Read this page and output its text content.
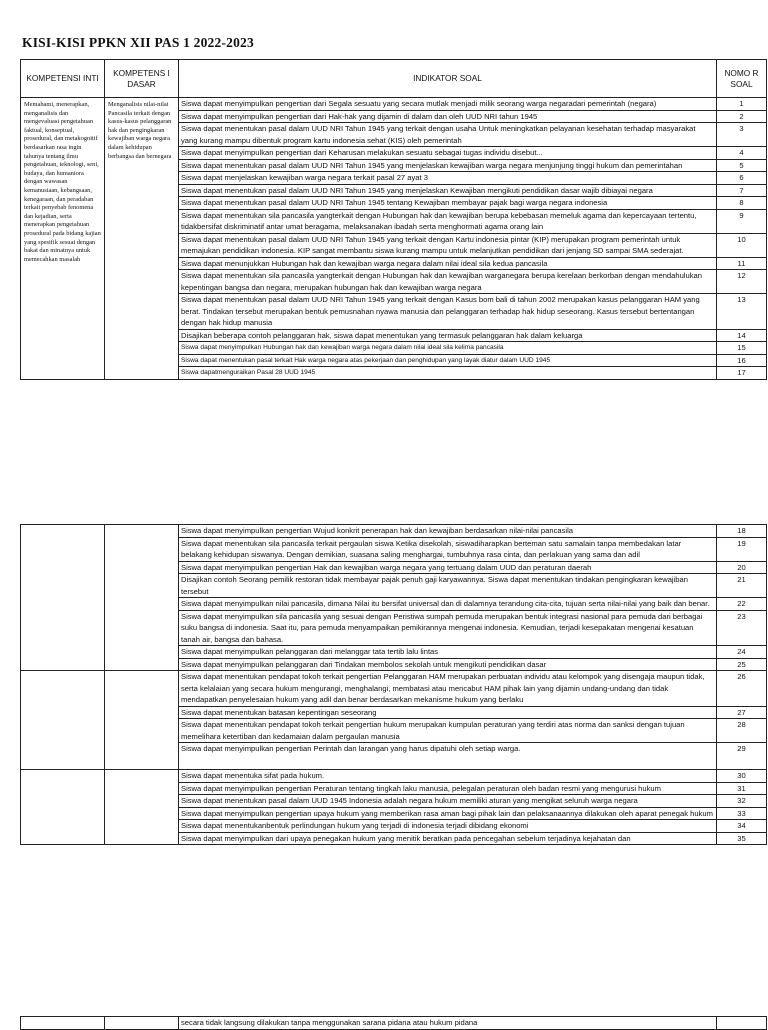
KISI-KISI PPKN XII PAS 1 2022-2023
KOMPETENSI INTI	KOMPETENS I DASAR	INDIKATOR SOAL	NOMO R SOAL
Memahami, menerapkan, menganalisis dan mengevaluasi pengetahuan faktual, konseptual, prosedural, dan metakognitif berdasarkan rasa ingin tahunya tentang ilmu pengetahuan, teknologi, seni, budaya, dan humaniora dengan wawasan kemanusiaan, kebangsaan, kenegaraan, dan peradaban terkait penyebab fenomena dan kejadian, serta menerapkan pengetahuan prosedural pada bidang kajian yang spesifik sesuai dengan bakat dan minatnya untuk memecahkan masalah	Menganalisis nilai-nilai Pancasila terkait dengan kasus-kasus pelanggaran hak dan pengingkaran kewajiban warga negara dalam kehidupan berbangsa dan bernegara	Siswa dapat menyimpulkan pengertian dari Segala sesuatu yang secara mutlak menjadi milik seorang warga negaradari pemerintah (negara)	1
		Siswa dapat menyimpulkan pengertian dari Hak-hak yang dijamin di dalam dan oleh UUD NRI tahun 1945	2
		Siswa dapat menentukan pasal dalam UUD NRI Tahun 1945 yang terkait dengan usaha Untuk meningkatkan pelayanan kesehatan terhadap masyarakat yang kurang mampu dibentuk program kartu indonesia sehat (KIS) oleh pemerintah	3
		Siswa dapat menyimpulkan pengertian dari Keharusan melakukan sesuatu sebagai tugas individu disebut...	4
		Siswa dapat menentukan pasal dalam UUD NRI Tahun 1945 yang menjelaskan kewajiban warga negara menjunjung tinggi hukum dan pemerintahan	5
		Siswa dapat menjelaskan kewajiban warga negara terkait pasal 27 ayat 3	6
		Siswa dapat menentukan pasal dalam UUD NRI Tahun 1945 yang menjelaskan Kewajiban mengikuti pendidikan dasar wajib dibiayai negara	7
		Siswa dapat menentukan pasal dalam UUD NRI Tahun 1945 tentang Kewajiban membayar pajak bagi warga negara indonesia	8
		Siswa dapat menentukan sila pancasila yangterkait dengan Hubungan hak dan kewajiban berupa kebebasan memeluk agama dan kepercayaan tertentu, tidakbersifat diskriminatif antar umat beragama, melaksanakan ibadah serta menghormati agama orang lain	9
		Siswa dapat menentukan pasal dalam UUD NRI Tahun 1945 yang terkait dengan Kartu indonesia pintar (KIP) merupakan program pemerintah untuk memajukan pendidikan indonesia. KIP sangat membantu siswa kurang mampu untuk melanjutkan pendidikan dari jenjang SD sampai SMA sederajat.	10
		Siswa dapat menunjukkan Hubungan hak dan kewajiban warga negara dalam nilai ideal sila kedua pancasila	11
		Siswa dapat menentukan sila pancasila yangterkait dengan Hubungan hak dan kewajiban warganegara berupa kerelaan berkorban dengan mendahulukan kepentingan bangsa dan negara, merupakan hubungan hak dan kewajiban warga negara	12
		Siswa dapat menentukan pasal dalam UUD NRI Tahun 1945 yang terkait dengan Kasus bom bali di tahun 2002 merupakan kasus pelanggaran HAM yang berat. Tindakan tersebut merupakan bentuk pemusnahan nyawa manusia dan pelanggaran terhadap hak hidup seseorang. Kasus tersebut bertentangan dengan hak hidup manusia	13
		Disajikan beberapa contoh pelanggaran hak, siswa dapat menentukan yang termasuk pelanggaran hak dalam keluarga	14
		Siswa dapat menyimpulkan Hubungan hak dan kewajiban warga negara dalam nilai ideal sila kelima pancasila	15
		Siswa dapat menentukan pasal terkait Hak warga negara atas pekerjaan dan penghidupan yang layak diatur dalam UUD 1945	16
		Siswa dapatmenguraikan Pasal 28 UUD 1945	17
		Siswa dapat menyimpulkan pengertian Wujud konkrit penerapan hak dan kewajiban berdasarkan nilai-nilai pancasila	18
		Siswa dapat menentukan sila pancasila terkait pergaulan siswa Ketika disekolah, siswadiharapkan berteman satu samalain tanpa membedakan latar belakang kehidupan siswanya. Dengan demikian, suasana saling menghargai, tumbuhnya rasa cinta, dan perlakuan yang sama dan adil	19
		Siswa dapat menyimpulkan pengertian Hak dan kewajiban warga negara yang tertuang dalam UUD dan peraturan daerah	20
		Disajikan contoh Seorang pemilik restoran tidak membayar pajak penuh gaji karyawannya. Siswa dapat menentukan tindakan pengingkaran kewajiban tersebut	21
		Siswa dapat menyimpulkan nilai pancasila, dimana Nilai itu bersifat universal dan di dalamnya terandung cita-cita, tujuan serta nilai-nilai yang baik dan benar.	22
		Siswa dapat menyimpulkan sila pancasila yang sesuai dengan Peristiwa sumpah pemuda merupakan bentuk integrasi nasional para pemuda dari berbagai suku bangsa di indonesia. Saat itu, para pemuda menyampaikan pemikirannya mengenai indonesia. Kemudian, terjadi kesepakatan mengenai kesatuan tanah air, bangsa dan bahasa.	23
		Siswa dapat menyimpulkan pelanggaran dari melanggar tata tertib lalu lintas	24
		Siswa dapat menyimpulkan pelanggaran dari Tindakan membolos sekolah untuk mengikuti pendidikan dasar	25
		Siswa dapat menentukan pendapat tokoh terkait pengertian Pelanggaran HAM merupakan perbuatan individu atau kelompok yang disengaja maupun tidak, serta kelalaian yang secara hukum mengurangi, menghalangi, membatasi atau mencabut HAM pihak lain yang dijamin undang-undang dan tidak mendapatkan penyelesaian hukum yang adil dan benar berdasarkan mekanisme hukum yang berlaku	26
		Siswa dapat menentukan batasan kepentingan seseorang	27
		Siswa dapat menentukan pendapat tokoh terkait pengertian hukum merupakan kumpulan peraturan yang terdiri atas norma dan sanksi dengan tujuan memelihara ketertiban dan kedamaian dalam pergaulan manusia	28
		Siswa dapat menyimpulkan pengertian Perintah dan larangan yang harus dipatuhi oleh setiap warga.	29
		Siswa dapat menentuka sifat pada hukum.	30
		Siswa dapat menyimpulkan pengertian Peraturan tentang tingkah laku manusia, pelegalan peraturan oleh badan resmi yang mengurusi hukum	31
		Siswa dapat menentukan pasal dalam UUD 1945 Indonesia adalah negara hukum memiliki aturan yang mengikat seluruh warga negara	32
		Siswa dapat menyimpulkan pengertian upaya hukum yang memberikan rasa aman bagi pihak lain dan pelaksanaannya dilakukan oleh aparat penegak hukum	33
		Siswa dapat menentukanbentuk perlindungan hukum yang terjadi di indonesia terjadi dibidang ekonomi	34
		Siswa dapat menyimpulkan dari upaya penegakan hukum yang menitik beratkan pada pencegahan sebelum terjadinya kejahatan dan	35
		secara tidak langsung dilakukan tanpa menggunakan sarana pidana atau hukum pidana	
